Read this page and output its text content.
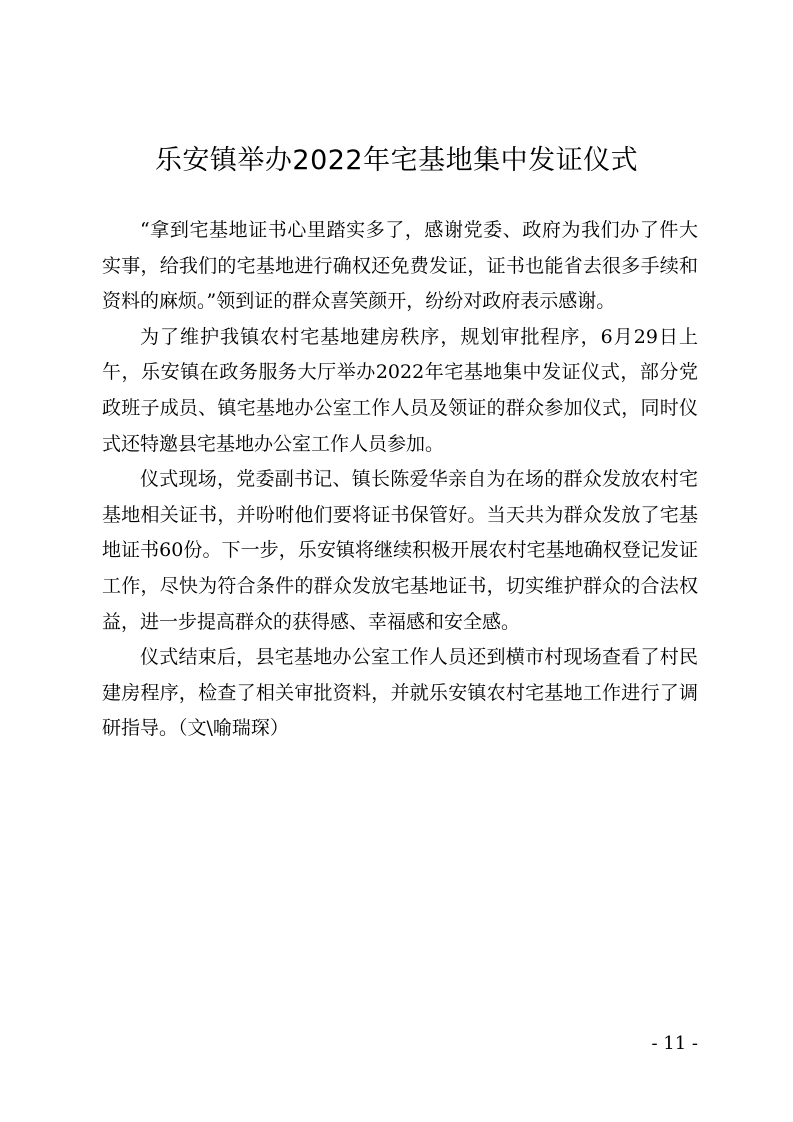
乐安镇举办2022年宅基地集中发证仪式

“拿到宅基地证书心里踏实多了，感谢党委、政府为我们办了件大实事，给我们的宅基地进行确权还免费发证，证书也能省去很多手续和资料的麻烦。”领到证的群众喜笑颜开，纷纷对政府表示感谢。

为了维护我镇农村宅基地建房秩序，规划审批程序，6月29日上午，乐安镇在政务服务大厅举办2022年宅基地集中发证仪式，部分党政班子成员、镇宅基地办公室工作人员及领证的群众参加仪式，同时仪式还特邀县宅基地办公室工作人员参加。

仪式现场，党委副书记、镇长陈爱华亲自为在场的群众发放农村宅基地相关证书，并吩咐他们要将证书保管好。当天共为群众发放了宅基地证书60份。下一步，乐安镇将继续积极开展农村宅基地确权登记发证工作，尽快为符合条件的群众发放宅基地证书，切实维护群众的合法权益，进一步提高群众的获得感、幸福感和安全感。

仪式结束后，县宅基地办公室工作人员还到横市村现场查看了村民建房程序，检查了相关审批资料，并就乐安镇农村宅基地工作进行了调研指导。（文\喻瑞琛）

- 11 -
